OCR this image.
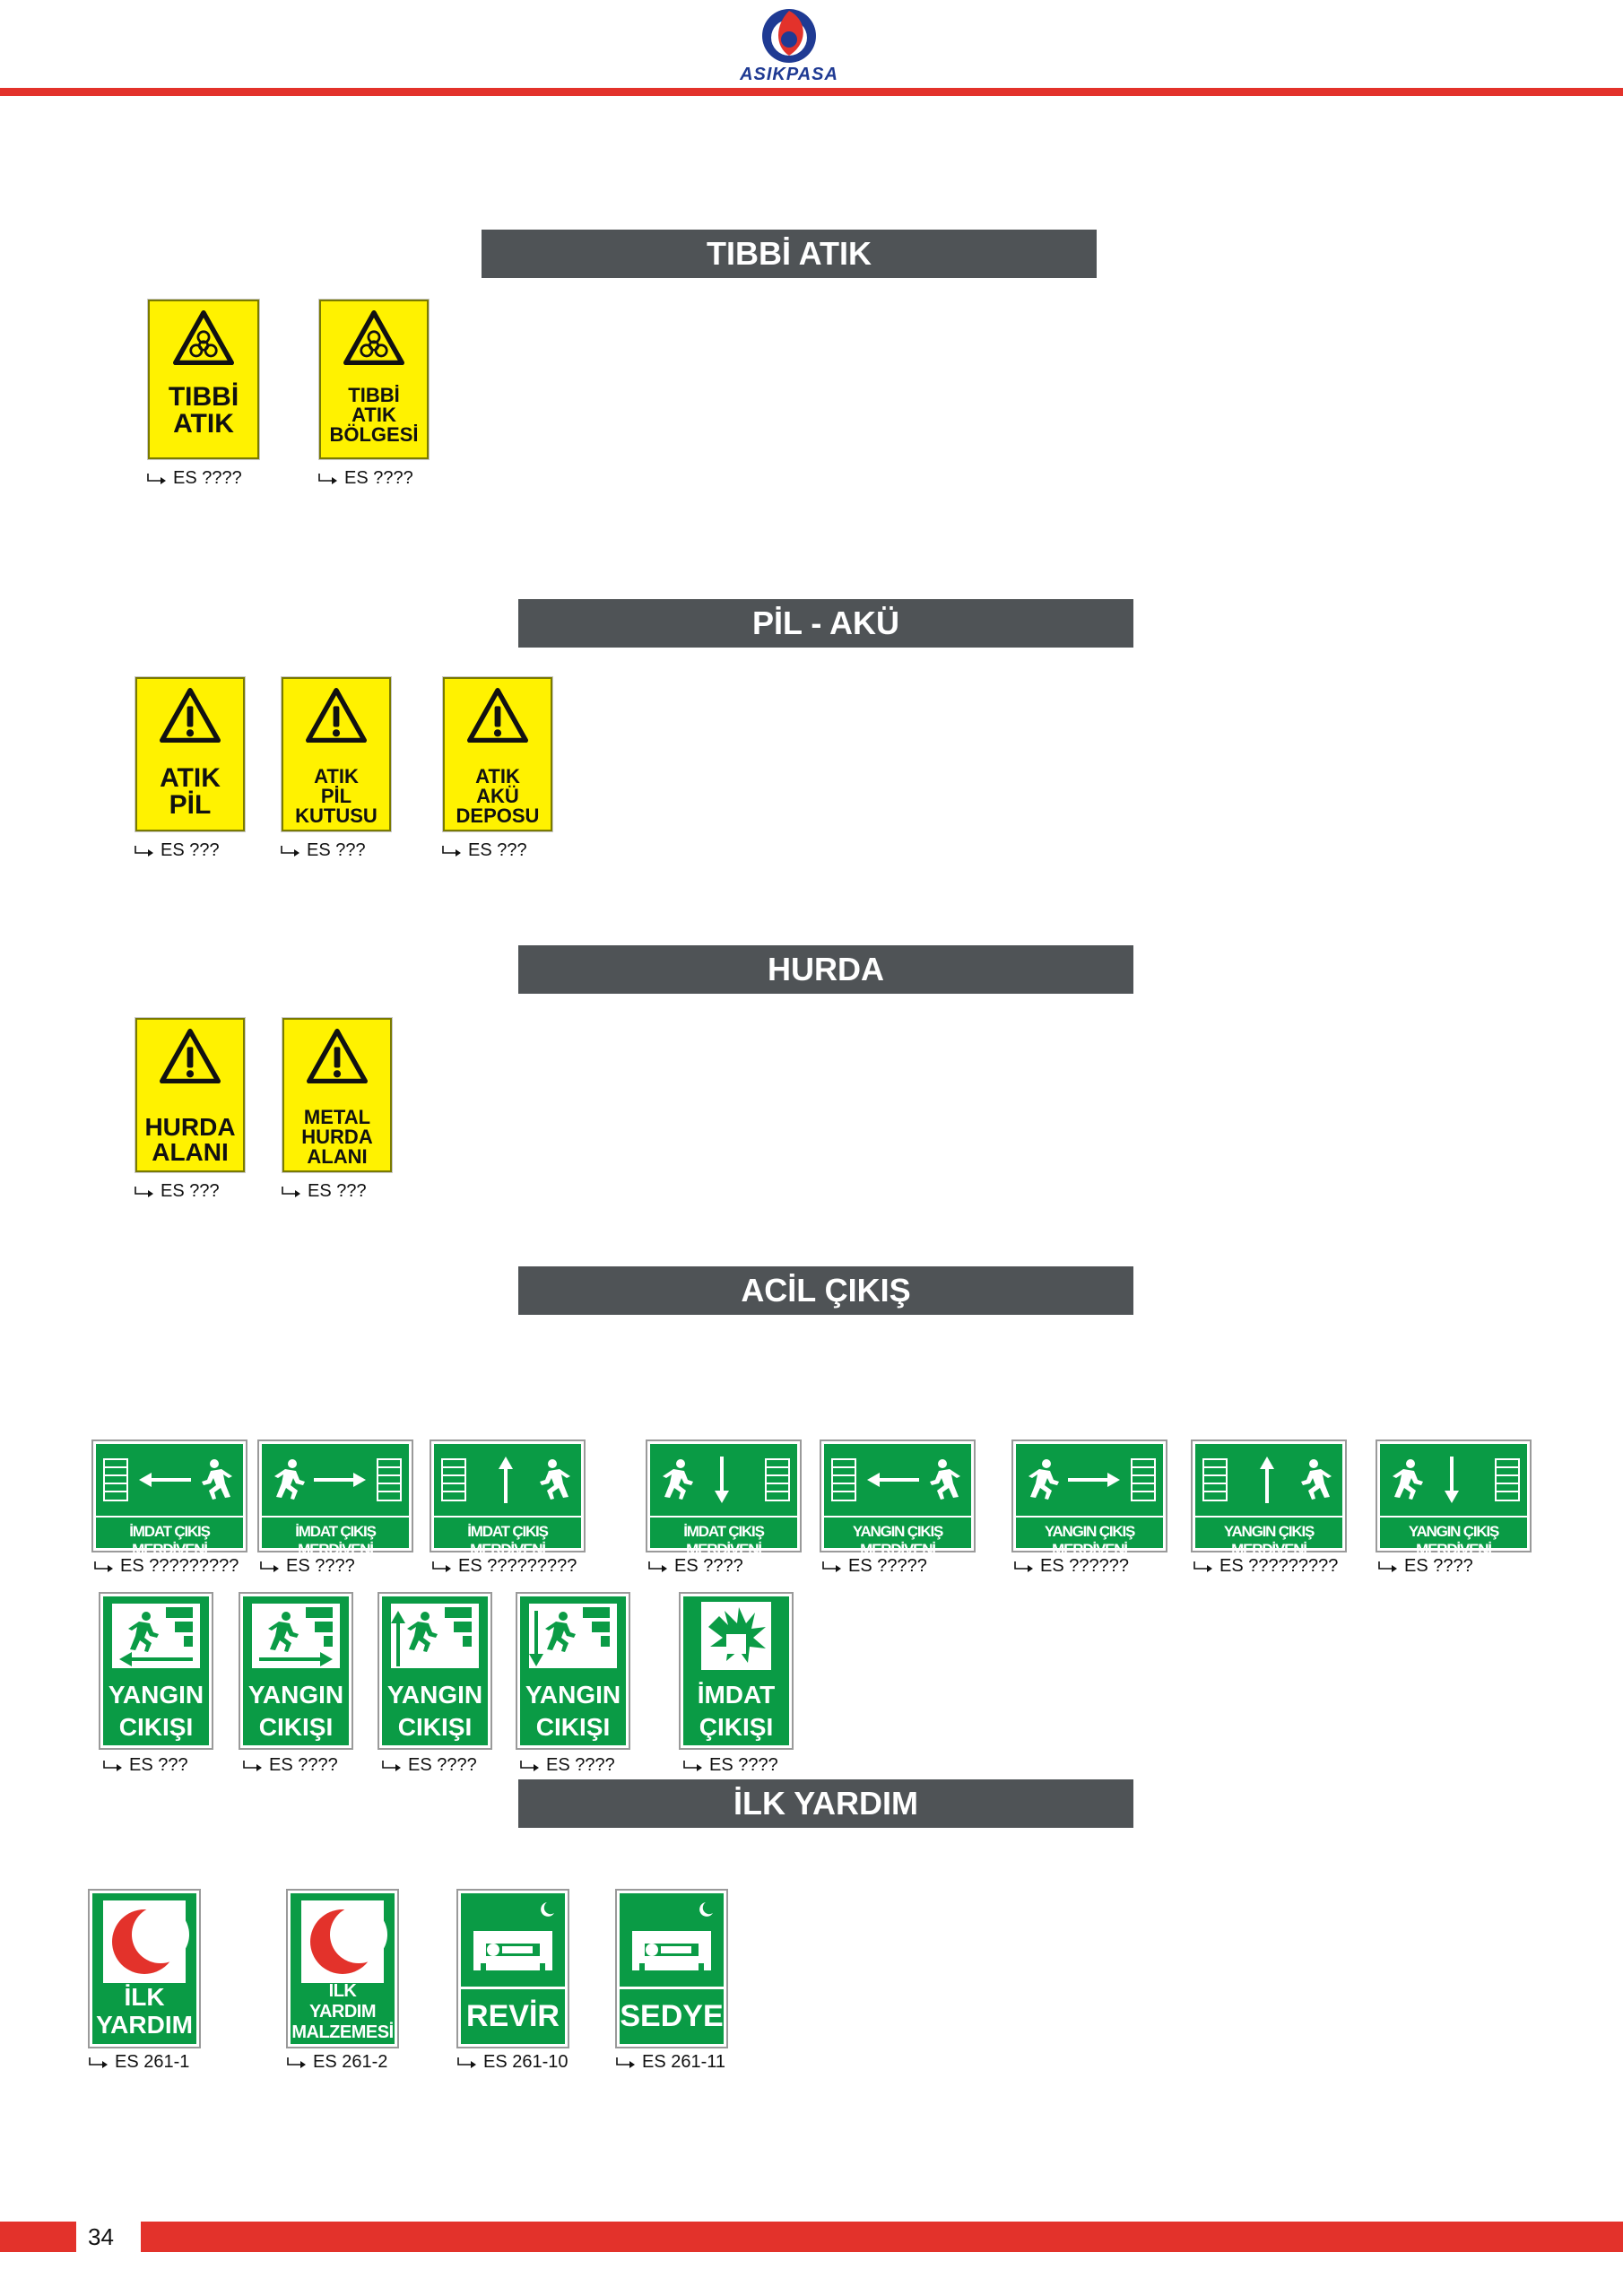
ASIKPASA
TIBBİ ATIK
PİL - AKÜ
HURDA
ACİL ÇIKIŞ
İLK YARDIM
TIBBİ
ATIK
ES ????
TIBBİ
ATIK
BÖLGESİ
ES ????
ATIK
PİL
ES ???
ATIK
PİL
KUTUSU
ES ???
ATIK
AKÜ
DEPOSU
ES ???
HURDA
ALANI
ES ???
METAL
HURDA
ALANI
ES ???
İMDAT ÇIKIŞ MERDİVENİ
ES ?????????
İMDAT ÇIKIŞ MERDİVENİ
ES ????
İMDAT ÇIKIŞ MERDİVENİ
ES ?????????
İMDAT ÇIKIŞ MERDİVENİ
ES ????
YANGIN ÇIKIŞ MERDİVENİ
ES ?????
YANGIN ÇIKIŞ MERDİVENİ
ES ??????
YANGIN ÇIKIŞ MERDİVENİ
ES ?????????
YANGIN ÇIKIŞ MERDİVENİ
ES ????
YANGIN
CIKIŞI
ES ???
YANGIN
CIKIŞI
ES ????
YANGIN
CIKIŞI
ES ????
YANGIN
CIKIŞI
ES ????
İMDAT
ÇIKIŞI
ES ????
İLK
YARDIM
ES 261-1
İLK
YARDIM
MALZEMESİ
ES 261-2
REVİR
ES 261-10
SEDYE
ES 261-11
34
